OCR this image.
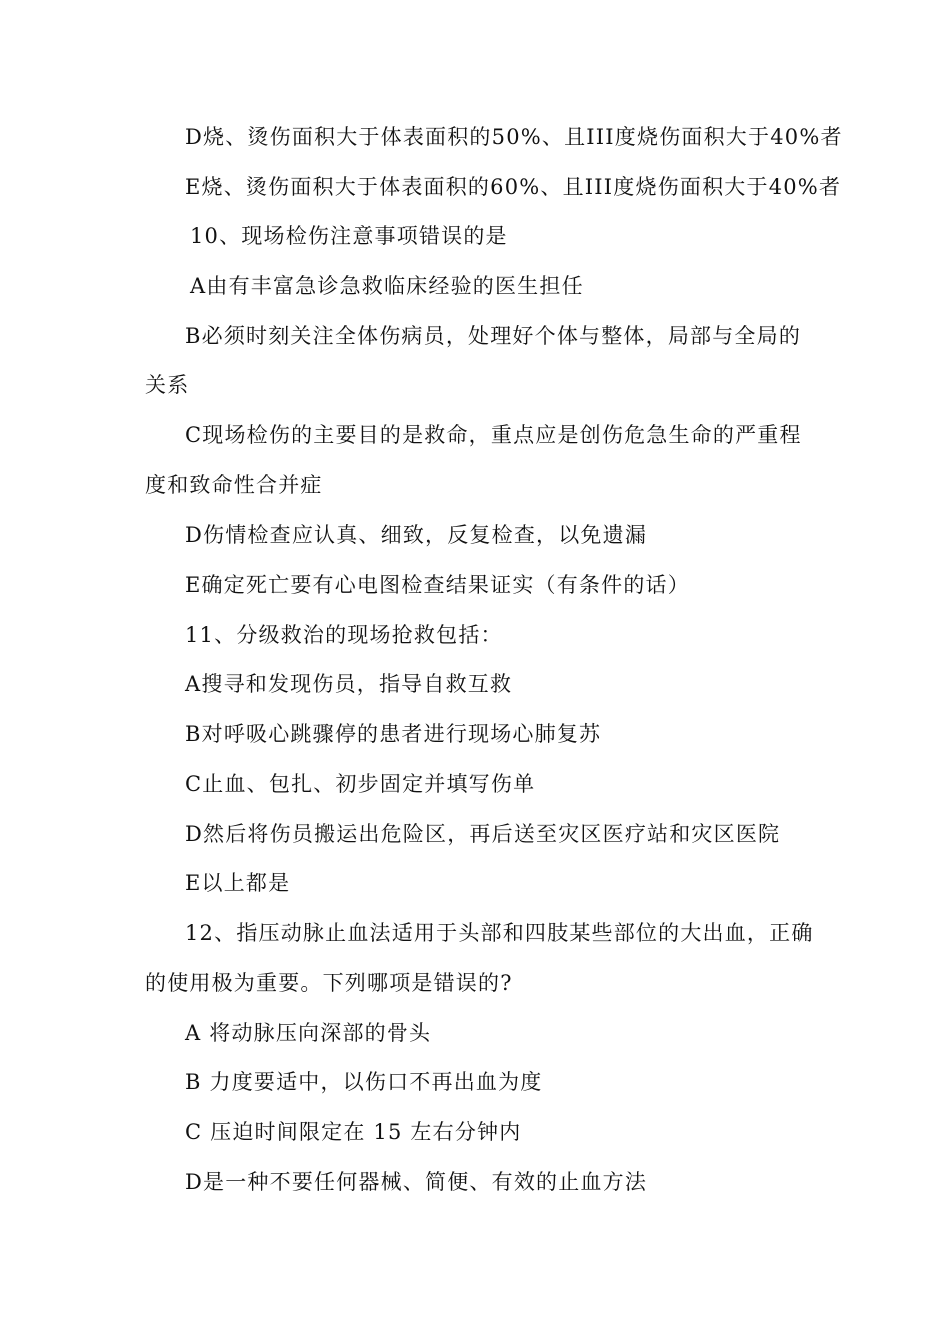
D烧、烫伤面积大于体表面积的50%、且III度烧伤面积大于40%者
E烧、烫伤面积大于体表面积的60%、且III度烧伤面积大于40%者
10、现场检伤注意事项错误的是
A由有丰富急诊急救临床经验的医生担任
B必须时刻关注全体伤病员，处理好个体与整体，局部与全局的
关系
C现场检伤的主要目的是救命，重点应是创伤危急生命的严重程
度和致命性合并症
D伤情检查应认真、细致，反复检查，以免遗漏
E确定死亡要有心电图检查结果证实（有条件的话）
11、分级救治的现场抢救包括：
A搜寻和发现伤员，指导自救互救
B对呼吸心跳骤停的患者进行现场心肺复苏
C止血、包扎、初步固定并填写伤单
D然后将伤员搬运出危险区，再后送至灾区医疗站和灾区医院
E以上都是
12、指压动脉止血法适用于头部和四肢某些部位的大出血，正确
的使用极为重要。下列哪项是错误的?
A 将动脉压向深部的骨头
B 力度要适中，以伤口不再出血为度
C 压迫时间限定在 15 左右分钟内
D是一种不要任何器械、简便、有效的止血方法
